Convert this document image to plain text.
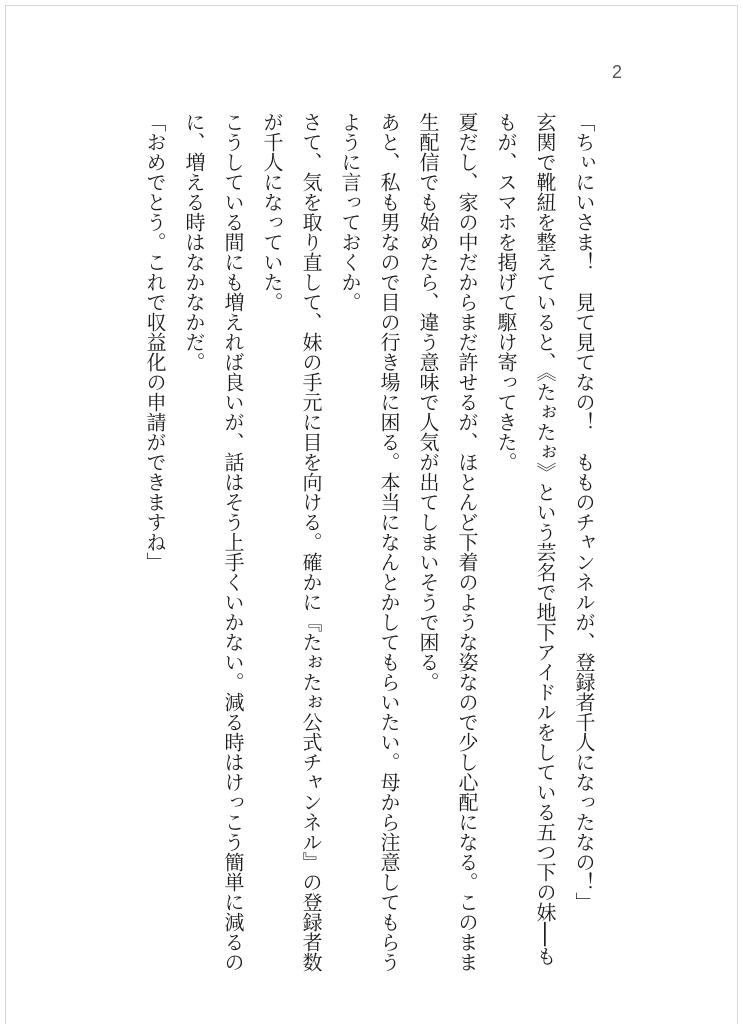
2

「ちぃにいさま！　見て見てなの！　もものチャンネルが、登録者千人になったなの！」

玄関で靴紐を整えていると、《たぉたぉ》という芸名で地下アイドルをしている五つ下の妹──ももが、スマホを掲げて駆け寄ってきた。

夏だし、家の中だからまだ許せるが、ほとんど下着のような姿なので少し心配になる。このまま生配信でも始めたら、違う意味で人気が出てしまいそうで困る。

あと、私も男なので目の行き場に困る。本当になんとかしてもらいたい。母から注意してもらうように言っておくか。

さて、気を取り直して、妹の手元に目を向ける。確かに『たぉたぉ公式チャンネル』の登録者数が千人になっていた。

こうしている間にも増えれば良いが、話はそう上手くいかない。減る時はけっこう簡単に減るのに、増える時はなかなかだ。

「おめでとう。これで収益化の申請ができますね」
